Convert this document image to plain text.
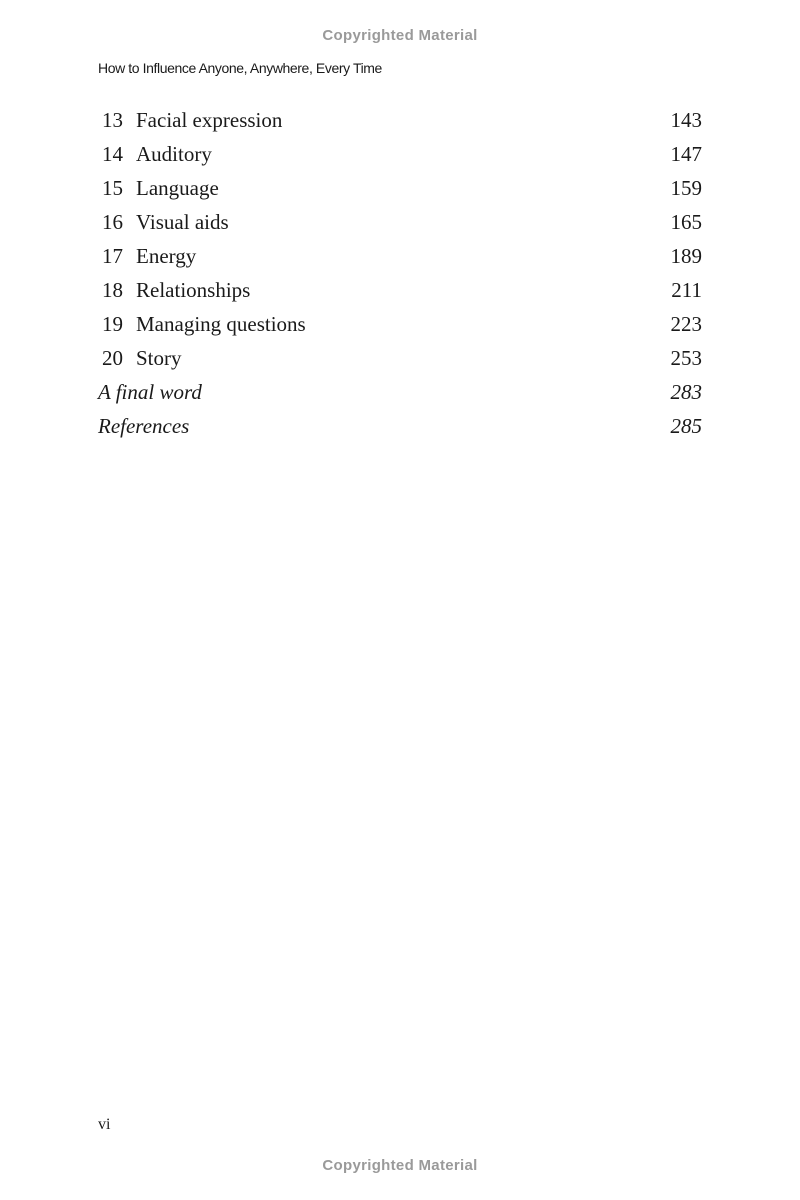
Copyrighted Material
How to Influence Anyone, Anywhere, Every Time
13 Facial expression	143
14 Auditory	147
15 Language	159
16 Visual aids	165
17 Energy	189
18 Relationships	211
19 Managing questions	223
20 Story	253
A final word	283
References	285
vi
Copyrighted Material
